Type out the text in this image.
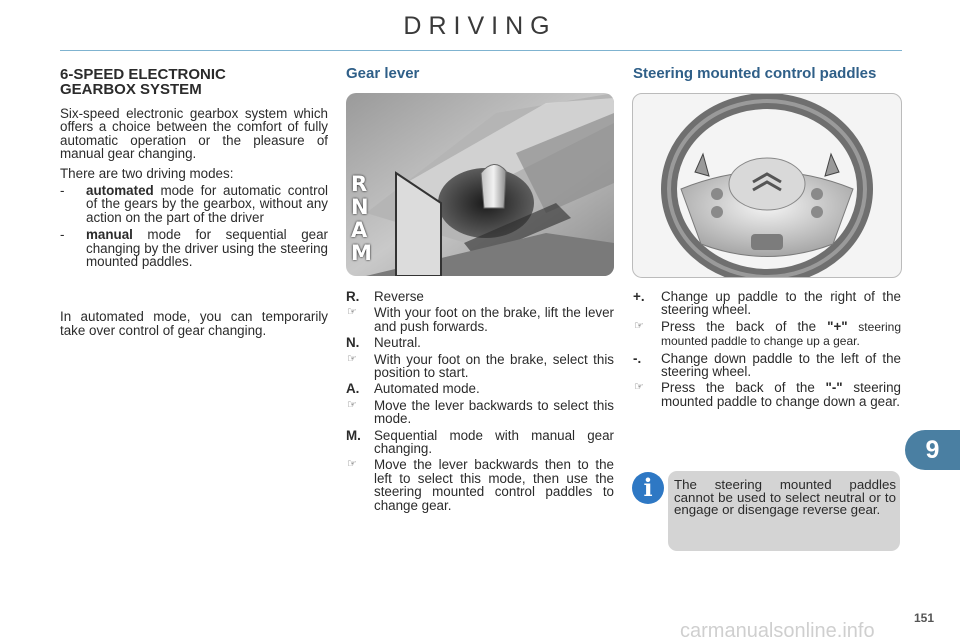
DRIVING

6-SPEED ELECTRONIC GEARBOX SYSTEM

Six-speed electronic gearbox system which offers a choice between the comfort of fully automatic operation or the pleasure of manual gear changing.

There are two driving modes:

- automated mode for automatic control of the gears by the gearbox, without any action on the part of the driver
- manual mode for sequential gear changing by the driver using the steering mounted paddles.

In automated mode, you can temporarily take over control of gear changing.

Gear lever

R
N
A
M
R. Reverse
☞ With your foot on the brake, lift the lever and push forwards.
N. Neutral.
☞ With your foot on the brake, select this position to start.
A. Automated mode.
☞ Move the lever backwards to select this mode.
M. Sequential mode with manual gear changing.
☞ Move the lever backwards then to the left to select this mode, then use the steering mounted control paddles to change gear.

Steering mounted control paddles

+. Change up paddle to the right of the steering wheel.
☞ Press the back of the "+" steering mounted paddle to change up a gear.
-. Change down paddle to the left of the steering wheel.
☞ Press the back of the "-" steering mounted paddle to change down a gear.
i	The steering mounted paddles cannot be used to select neutral or to engage or disengage reverse gear.
9
151
carmanualsonline.info
